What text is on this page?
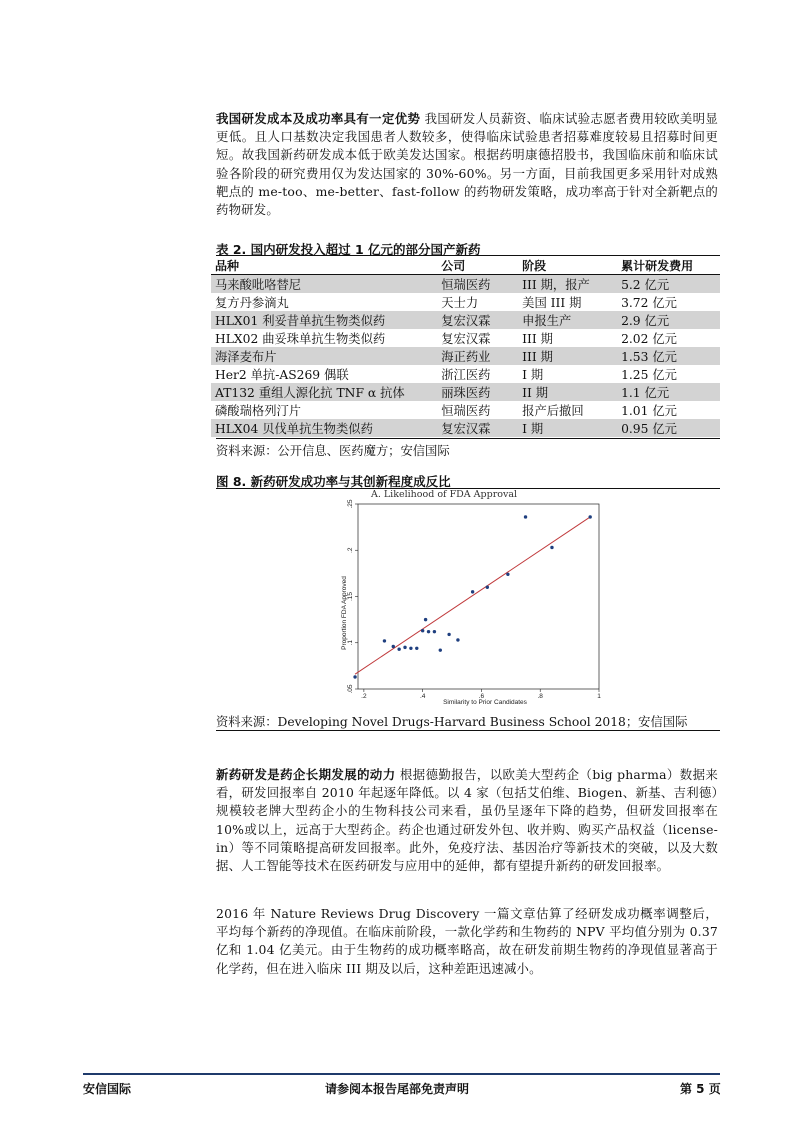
我国研发成本及成功率具有一定优势 我国研发人员薪资、临床试验志愿者费用较欧美明显更低。且人口基数决定我国患者人数较多，使得临床试验患者招募难度较易且招募时间更短。故我国新药研发成本低于欧美发达国家。根据药明康德招股书，我国临床前和临床试验各阶段的研究费用仅为发达国家的 30%-60%。另一方面，目前我国更多采用针对成熟靶点的 me-too、me-better、fast-follow 的药物研发策略，成功率高于针对全新靶点的药物研发。
表 2. 国内研发投入超过 1 亿元的部分国产新药
品种	公司	阶段	累计研发费用
马来酸吡咯替尼	恒瑞医药	III 期，报产	5.2 亿元
复方丹参滴丸	天士力	美国 III 期	3.72 亿元
HLX01 利妥昔单抗生物类似药	复宏汉霖	申报生产	2.9 亿元
HLX02 曲妥珠单抗生物类似药	复宏汉霖	III 期	2.02 亿元
海泽麦布片	海正药业	III 期	1.53 亿元
Her2 单抗-AS269 偶联	浙江医药	I 期	1.25 亿元
AT132 重组人源化抗 TNF α 抗体	丽珠医药	II 期	1.1 亿元
磷酸瑞格列汀片	恒瑞医药	报产后撤回	1.01 亿元
HLX04 贝伐单抗生物类似药	复宏汉霖	I 期	0.95 亿元
资料来源：公开信息、医药魔方；安信国际
图 8. 新药研发成功率与其创新程度成反比
A. Likelihood of FDA Approval
Proportion FDA Approved
Similarity to Prior Candidates
.2	.4	.6	.8	1
.05
.1
.15
.2
.25
资料来源：Developing Novel Drugs-Harvard Business School 2018；安信国际
新药研发是药企长期发展的动力 根据德勤报告，以欧美大型药企（big pharma）数据来看，研发回报率自 2010 年起逐年降低。以 4 家（包括艾伯维、Biogen、新基、吉利德）规模较老牌大型药企小的生物科技公司来看，虽仍呈逐年下降的趋势，但研发回报率在 10%或以上，远高于大型药企。药企也通过研发外包、收并购、购买产品权益（license-in）等不同策略提高研发回报率。此外，免疫疗法、基因治疗等新技术的突破，以及大数据、人工智能等技术在医药研发与应用中的延伸，都有望提升新药的研发回报率。
2016 年 Nature Reviews Drug Discovery 一篇文章估算了经研发成功概率调整后，平均每个新药的净现值。在临床前阶段，一款化学药和生物药的 NPV 平均值分别为 0.37 亿和 1.04 亿美元。由于生物药的成功概率略高，故在研发前期生物药的净现值显著高于化学药，但在进入临床 III 期及以后，这种差距迅速减小。
安信国际	请参阅本报告尾部免责声明	第 5 页
